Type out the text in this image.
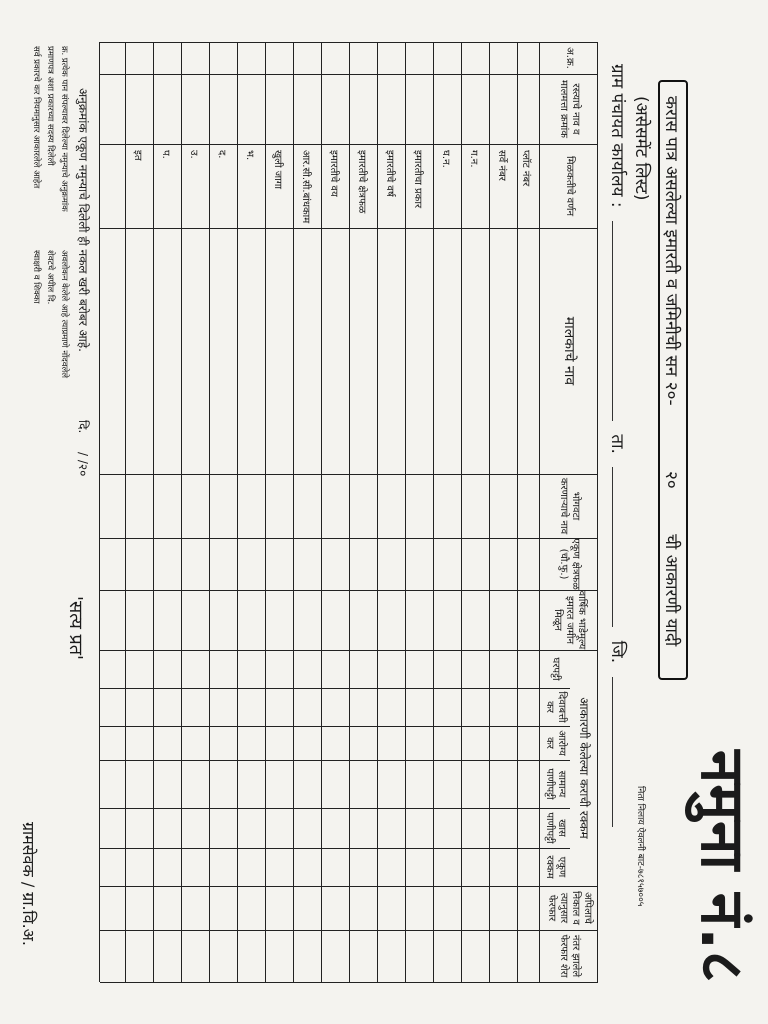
नमुना नं.८
निता निलाय ऐवलनी बाट-७८१५७००५
करास पात्र असलेल्या इमारती व जमिनीची सन २०- २० ची आकारणी यादी (असेसमेंट लिस्ट)
ग्राम पंचायत कार्यालय :  ता.  जि.
अ.क्र.
रस्त्याचे नाव व मालमत्ता क्रमांक
मिळकतीचे वर्णन
मालकाचे नाव
भोगवटा करणाऱ्याचे नाव
एकूण क्षेत्रफळ (चौ.फु.)
वार्षिक भाडेमूल्य इमारत जमीन मिळून
आकारणी केलेल्या कराची रक्कम
घरपट्टी
दिवाबत्ती कर
आरोग्य कर
सामान्य पाणीपट्टी
खास पाणीपट्टी
एकूण रक्कम
अपिलाचे निकाल व त्यानुसार फेरफार
नंतर झालेले फेरफार शेरा
प्लॉट नंबर
सर्वे नंबर
ग.न.
घ.न.
इमारतीचा प्रकार
इमारतीचे वर्ष
इमारतीचे क्षेत्रफळ
इमारतीचे वय
आर.सी.सी.बांधकाम
खुली जागा
भ.
द.
उ.
प.
इत
अनुक्रमांक एकूण नमुन्याचे दिलेली ही नकल खरी बरोबर आहे.
दि.
/ /२०
क्र. प्रत्येक पान संपल्यावर दिलेल्या नमुन्याचे अनुक्रमांक
प्रमाणपत्र अशा प्रकारच्या सदस्य दिलेली
सर्व प्रकारचे कर नियमानुसार आकारलेले आहेत
अवलोकन केलेले आहे त्याप्रमाणे नोंदवलेले
शेवटचे अपील दि.
स्वाक्षरी व शिक्का
'सत्य प्रत'
ग्रामसेवक / ग्रा.वि.अ.
